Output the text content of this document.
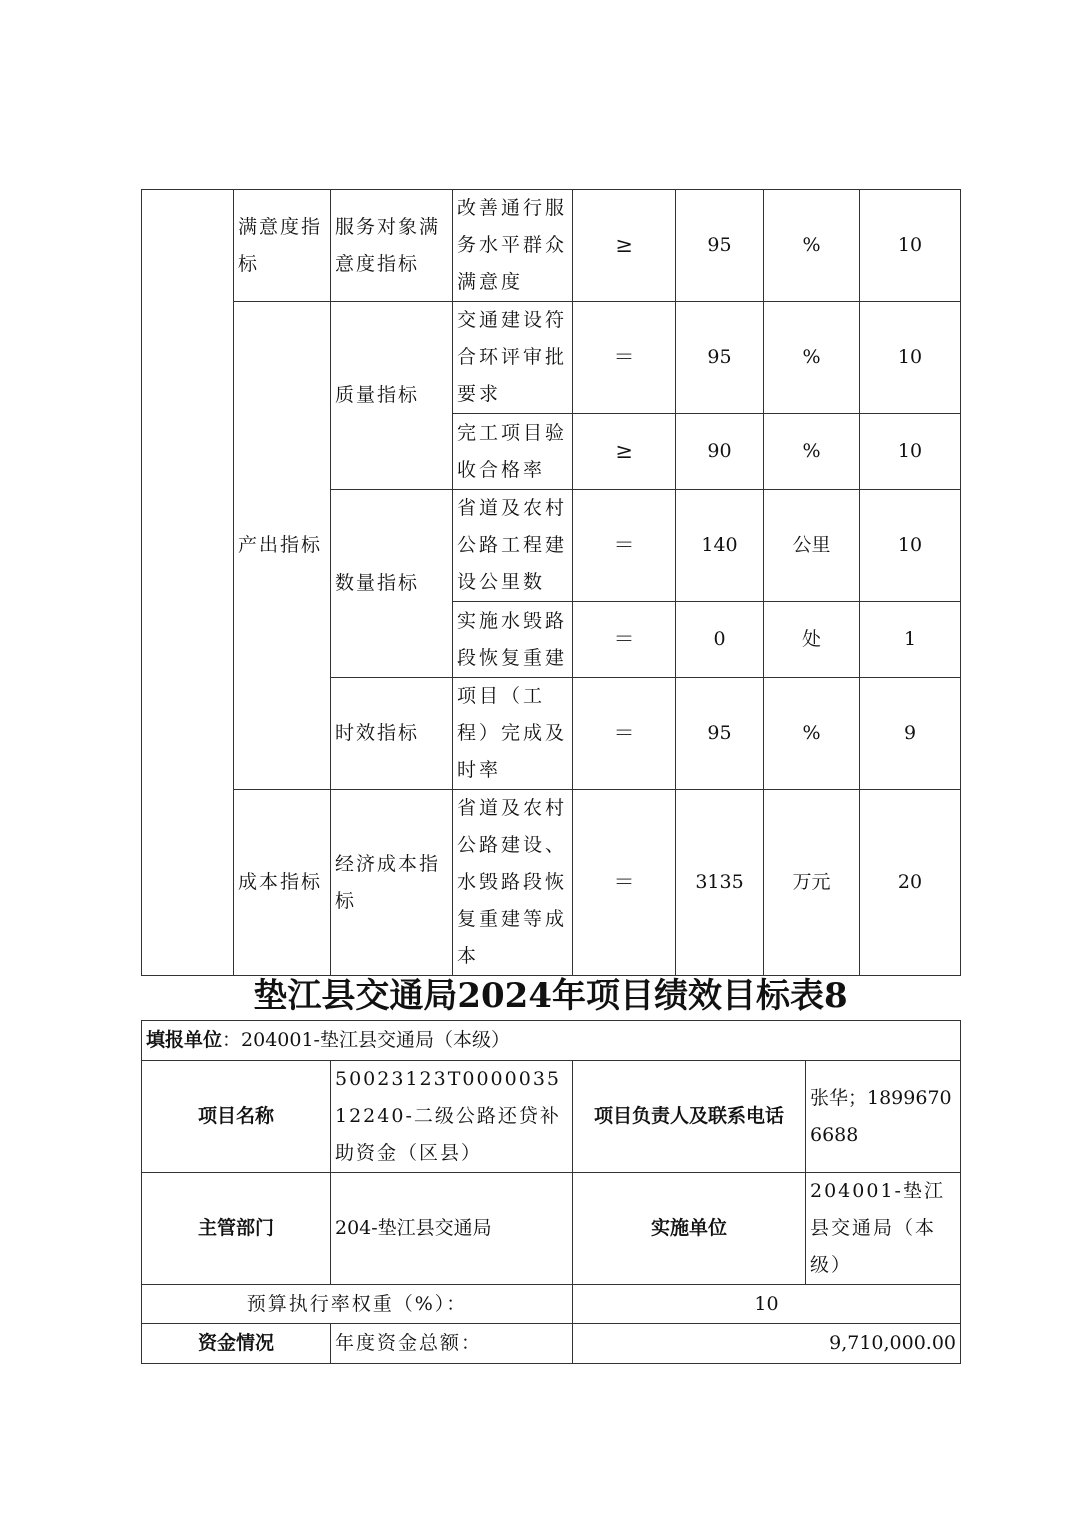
	满意度指标	服务对象满意度指标	改善通行服务水平群众满意度	≥	95	%	10
	产出指标	质量指标	交通建设符合环评审批要求	＝	95	%	10
			完工项目验收合格率	≥	90	%	10
		数量指标	省道及农村公路工程建设公里数	＝	140	公里	10
			实施水毁路段恢复重建	＝	0	处	1
		时效指标	项目（工程）完成及时率	＝	95	%	9
	成本指标	经济成本指标	省道及农村公路建设、水毁路段恢复重建等成本	＝	3135	万元	20
垫江县交通局2024年项目绩效目标表8
填报单位：204001-垫江县交通局（本级）			
项目名称	50023123T000003512240-二级公路还贷补助资金（区县）	项目负责人及联系电话	张华；18996706688
主管部门	204-垫江县交通局	实施单位	204001-垫江县交通局（本级）
预算执行率权重（%）：		10	
资金情况	年度资金总额：	9,710,000.00	
